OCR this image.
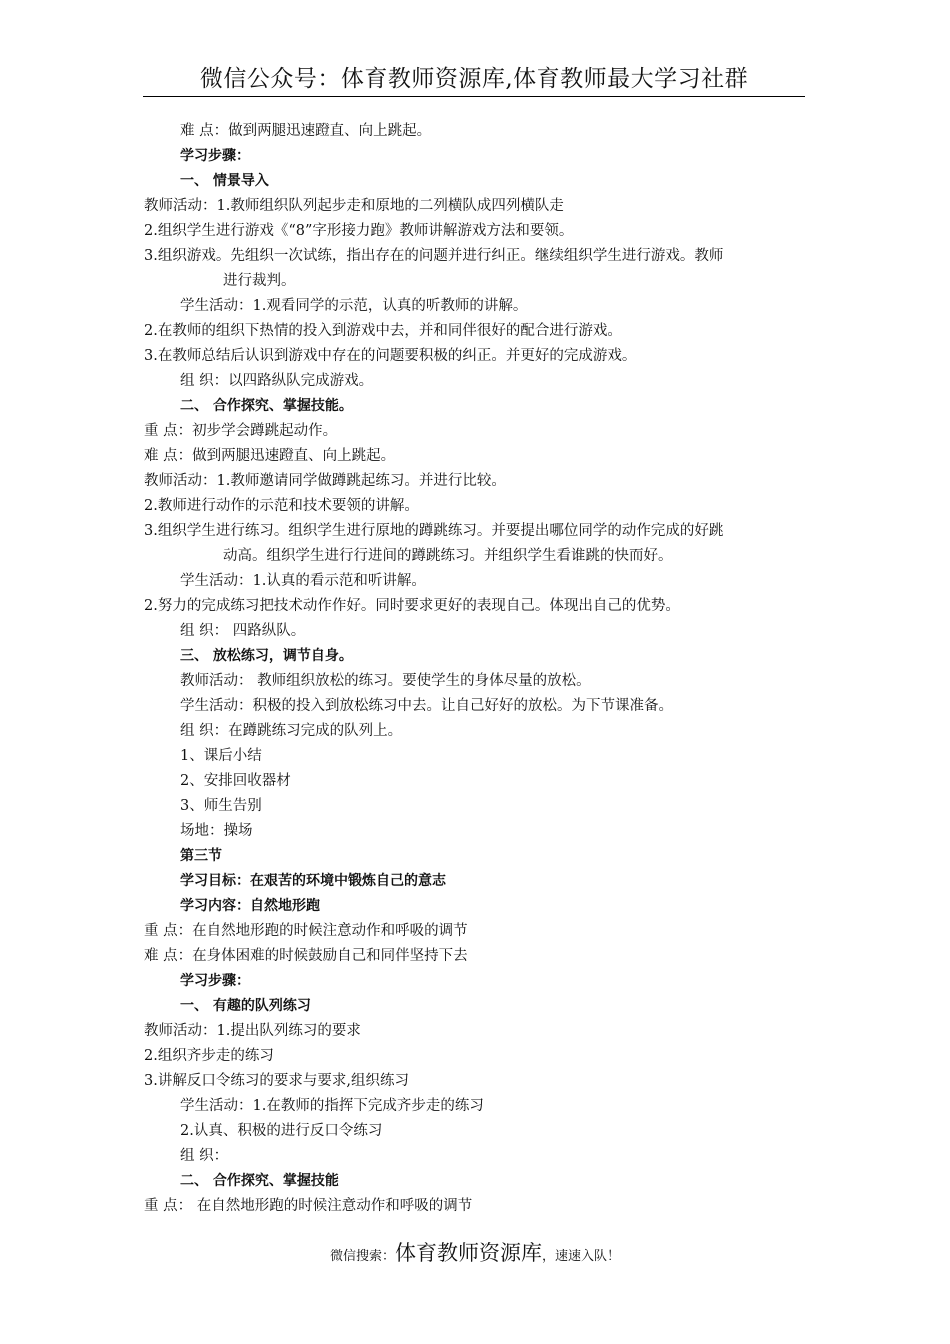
微信公众号：体育教师资源库,体育教师最大学习社群
难 点：做到两腿迅速蹬直、向上跳起。
学习步骤：
一、 情景导入
教师活动：1.教师组织队列起步走和原地的二列横队成四列横队走
2.组织学生进行游戏《“8”字形接力跑》教师讲解游戏方法和要领。
3.组织游戏。先组织一次试练，指出存在的问题并进行纠正。继续组织学生进行游戏。教师
进行裁判。
学生活动：1.观看同学的示范，认真的听教师的讲解。
2.在教师的组织下热情的投入到游戏中去，并和同伴很好的配合进行游戏。
3.在教师总结后认识到游戏中存在的问题要积极的纠正。并更好的完成游戏。
组 织：以四路纵队完成游戏。
二、 合作探究、掌握技能。
重 点：初步学会蹲跳起动作。
难 点：做到两腿迅速蹬直、向上跳起。
教师活动：1.教师邀请同学做蹲跳起练习。并进行比较。
2.教师进行动作的示范和技术要领的讲解。
3.组织学生进行练习。组织学生进行原地的蹲跳练习。并要提出哪位同学的动作完成的好跳
动高。组织学生进行行进间的蹲跳练习。并组织学生看谁跳的快而好。
学生活动：1.认真的看示范和听讲解。
2.努力的完成练习把技术动作作好。同时要求更好的表现自己。体现出自己的优势。
组 织： 四路纵队。
三、 放松练习，调节自身。
教师活动： 教师组织放松的练习。要使学生的身体尽量的放松。
学生活动：积极的投入到放松练习中去。让自己好好的放松。为下节课准备。
组 织：在蹲跳练习完成的队列上。
1、课后小结
2、安排回收器材
3、师生告别
场地：操场
第三节
学习目标：在艰苦的环境中锻炼自己的意志
学习内容：自然地形跑
重 点：在自然地形跑的时候注意动作和呼吸的调节
难 点：在身体困难的时候鼓励自己和同伴坚持下去
学习步骤：
一、 有趣的队列练习
教师活动：1.提出队列练习的要求
2.组织齐步走的练习
3.讲解反口令练习的要求与要求,组织练习
学生活动：1.在教师的指挥下完成齐步走的练习
2.认真、积极的进行反口令练习
组 织：
二、 合作探究、掌握技能
重 点： 在自然地形跑的时候注意动作和呼吸的调节
微信搜索：体育教师资源库，速速入队！
